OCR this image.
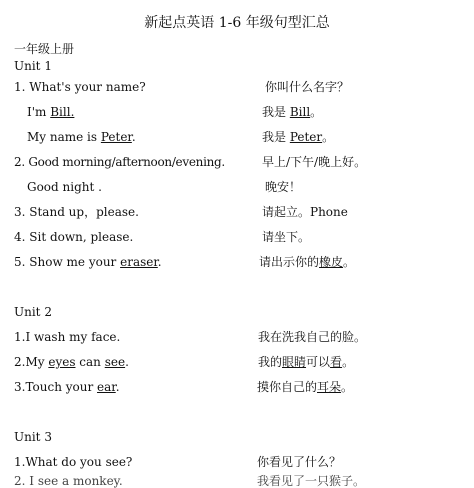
新起点英语 1-6 年级句型汇总
一年级上册
Unit 1
1. What's your name?	你叫什么名字？
I'm Bill.	我是 Bill。
My name is Peter.	我是 Peter。
2. Good morning/afternoon/evening.	早上/下午/晚上好。
Good night .	晚安！
3. Stand up，please.	请起立。Phone
4. Sit down, please.	请坐下。
5. Show me your eraser.	请出示你的橡皮。
Unit 2
1.I wash my face.	我在洗我自己的脸。
2.My eyes can see.	我的眼睛可以看。
3.Touch your ear.	摸你自己的耳朵。
Unit 3
1.What do you see?	你看见了什么？
2. I see a monkey.	我看见了一只猴子。
